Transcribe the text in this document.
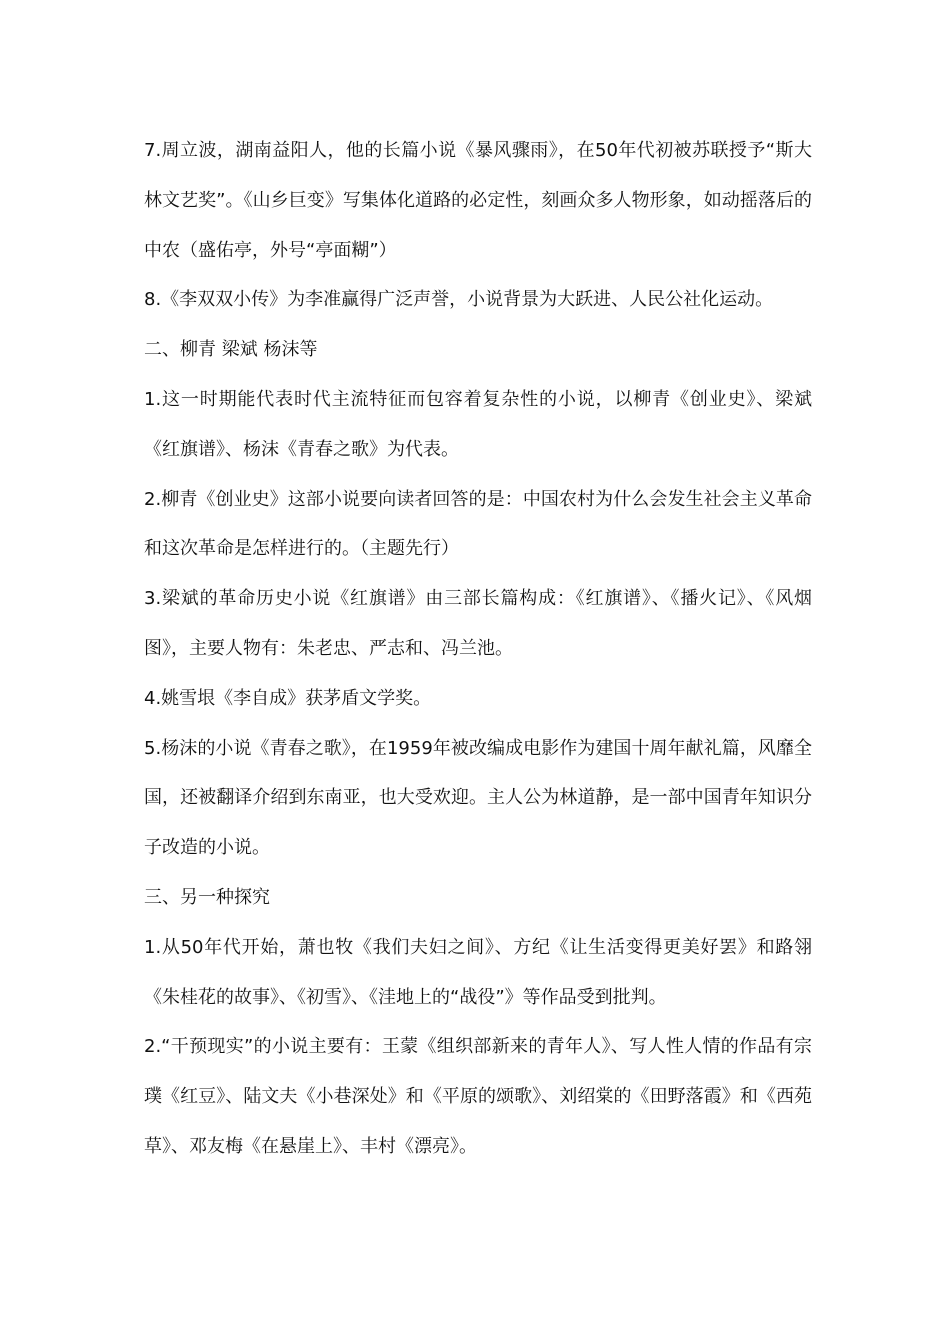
7.周立波，湖南益阳人，他的长篇小说《暴风骤雨》，在50年代初被苏联授予“斯大林文艺奖”。《山乡巨变》写集体化道路的必定性，刻画众多人物形象，如动摇落后的中农（盛佑亭，外号“亭面糊”）

8.《李双双小传》为李准赢得广泛声誉，小说背景为大跃进、人民公社化运动。

二、柳青 梁斌 杨沫等

1.这一时期能代表时代主流特征而包容着复杂性的小说，以柳青《创业史》、梁斌《红旗谱》、杨沫《青春之歌》为代表。

2.柳青《创业史》这部小说要向读者回答的是：中国农村为什么会发生社会主义革命和这次革命是怎样进行的。（主题先行）

3.梁斌的革命历史小说《红旗谱》由三部长篇构成：《红旗谱》、《播火记》、《风烟图》，主要人物有：朱老忠、严志和、冯兰池。

4.姚雪垠《李自成》获茅盾文学奖。

5.杨沫的小说《青春之歌》，在1959年被改编成电影作为建国十周年献礼篇，风靡全国，还被翻译介绍到东南亚，也大受欢迎。主人公为林道静，是一部中国青年知识分子改造的小说。

三、另一种探究

1.从50年代开始，萧也牧《我们夫妇之间》、方纪《让生活变得更美好罢》和路翎《朱桂花的故事》、《初雪》、《洼地上的“战役”》等作品受到批判。

2.“干预现实”的小说主要有：王蒙《组织部新来的青年人》、写人性人情的作品有宗璞《红豆》、陆文夫《小巷深处》和《平原的颂歌》、刘绍棠的《田野落霞》和《西苑草》、邓友梅《在悬崖上》、丰村《漂亮》。
